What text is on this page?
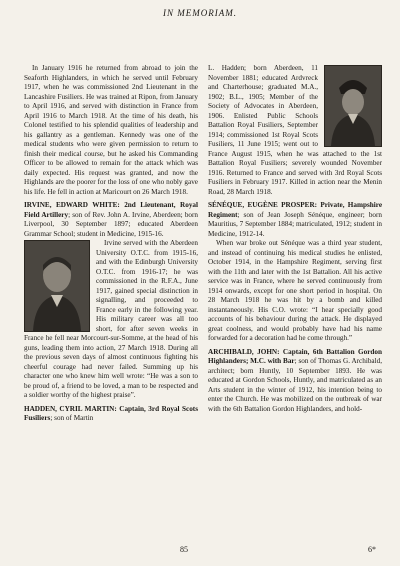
IN MEMORIAM.

In January 1916 he returned from abroad to join the Seaforth Highlanders, in which he served until February 1917, when he was commissioned 2nd Lieutenant in the Lancashire Fusiliers. He was trained at Ripon, from January to April 1916, and served with distinction in France from April 1916 to March 1918. At the time of his death, his Colonel testified to his splendid qualities of leadership and his gallantry as a gentleman. Kennedy was one of the medical students who were given permission to return to finish their medical course, but he asked his Commanding Officer to be allowed to remain for the attack which was daily expected. His request was granted, and now the Highlands are the poorer for the loss of one who nobly gave his life. He fell in action at Maricourt on 26 March 1918.

IRVINE, EDWARD WHITE: 2nd Lieutenant, Royal Field Artillery; son of Rev. John A. Irvine, Aberdeen; born Liverpool, 30 September 1897; educated Aberdeen Grammar School; student in Medicine, 1915-16.

Irvine served with the Aberdeen University O.T.C. from 1915-16, and with the Edinburgh University O.T.C. from 1916-17; he was commissioned in the R.F.A., June 1917, gained special distinction in signalling, and proceeded to France early in the following year. His military career was all too short, for after seven weeks in France he fell near Morcourt-sur-Somme, at the head of his guns, leading them into action, 27 March 1918. During all the previous seven days of almost continuous fighting his cheerful courage had never failed. Summing up his character one who knew him well wrote: “He was a son to be proud of, a friend to be loved, a man to be respected and a soldier worthy of the highest praise”.

HADDEN, CYRIL MARTIN: Captain, 3rd Royal Scots Fusiliers; son of Martin

L. Hadden; born Aberdeen, 11 November 1881; educated Ardvreck and Charterhouse; graduated M.A., 1902; B.L., 1905; Member of the Society of Advocates in Aberdeen, 1906. Enlisted Public Schools Battalion Royal Fusiliers, September 1914; commissioned 1st Royal Scots Fusiliers, 11 June 1915; went out to France August 1915, when he was attached to the 1st Battalion Royal Fusiliers; severely wounded November 1916. Returned to France and served with 3rd Royal Scots Fusiliers in February 1917. Killed in action near the Menin Road, 28 March 1918.

SÉNÉQUE, EUGÈNE PROSPER: Private, Hampshire Regiment; son of Jean Joseph Sénéque, engineer; born Mauritius, 7 September 1884; matriculated, 1912; student in Medicine, 1912-14.

When war broke out Sénéque was a third year student, and instead of continuing his medical studies he enlisted, October 1914, in the Hampshire Regiment, serving first with the 11th and later with the 1st Battalion. All his active service was in France, where he served continuously from 1914 onwards, except for one short period in hospital. On 28 March 1918 he was hit by a bomb and killed instantaneously. His C.O. wrote: “I hear specially good accounts of his behaviour during the attack. He displayed great coolness, and would probably have had his name forwarded for a decoration had he come through.”

ARCHIBALD, JOHN: Captain, 6th Battalion Gordon Highlanders; M.C. with Bar; son of Thomas G. Archibald, architect; born Huntly, 10 September 1893. He was educated at Gordon Schools, Huntly, and matriculated as an Arts student in the winter of 1912, his intention being to enter the Church. He was mobilized on the outbreak of war with the 6th Battalion Gordon Highlanders, and hold-

85	6*
